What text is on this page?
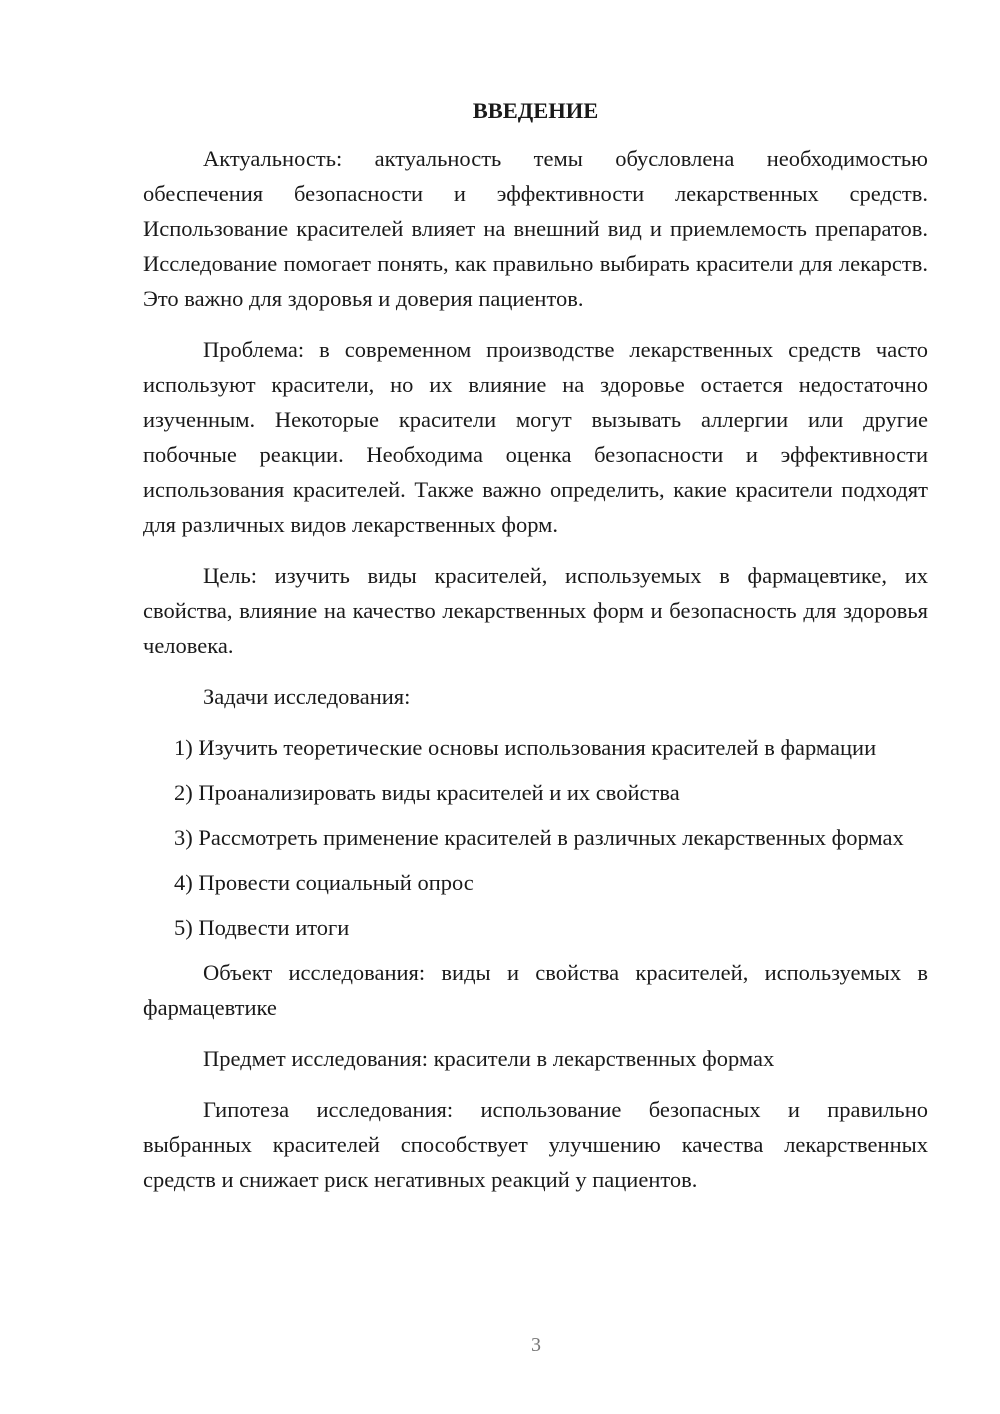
ВВЕДЕНИЕ

Актуальность: актуальность темы обусловлена необходимостью обеспечения безопасности и эффективности лекарственных средств. Использование красителей влияет на внешний вид и приемлемость препаратов. Исследование помогает понять, как правильно выбирать красители для лекарств. Это важно для здоровья и доверия пациентов.

Проблема: в современном производстве лекарственных средств часто используют красители, но их влияние на здоровье остается недостаточно изученным. Некоторые красители могут вызывать аллергии или другие побочные реакции. Необходима оценка безопасности и эффективности использования красителей. Также важно определить, какие красители подходят для различных видов лекарственных форм.

Цель: изучить виды красителей, используемых в фармацевтике, их свойства, влияние на качество лекарственных форм и безопасность для здоровья человека.

Задачи исследования:

1) Изучить теоретические основы использования красителей в фармации

2) Проанализировать виды красителей и их свойства

3) Рассмотреть применение красителей в различных лекарственных формах

4) Провести социальный опрос

5) Подвести итоги

Объект исследования: виды и свойства красителей, используемых в фармацевтике

Предмет исследования: красители в лекарственных формах

Гипотеза исследования: использование безопасных и правильно выбранных красителей способствует улучшению качества лекарственных средств и снижает риск негативных реакций у пациентов.

3
